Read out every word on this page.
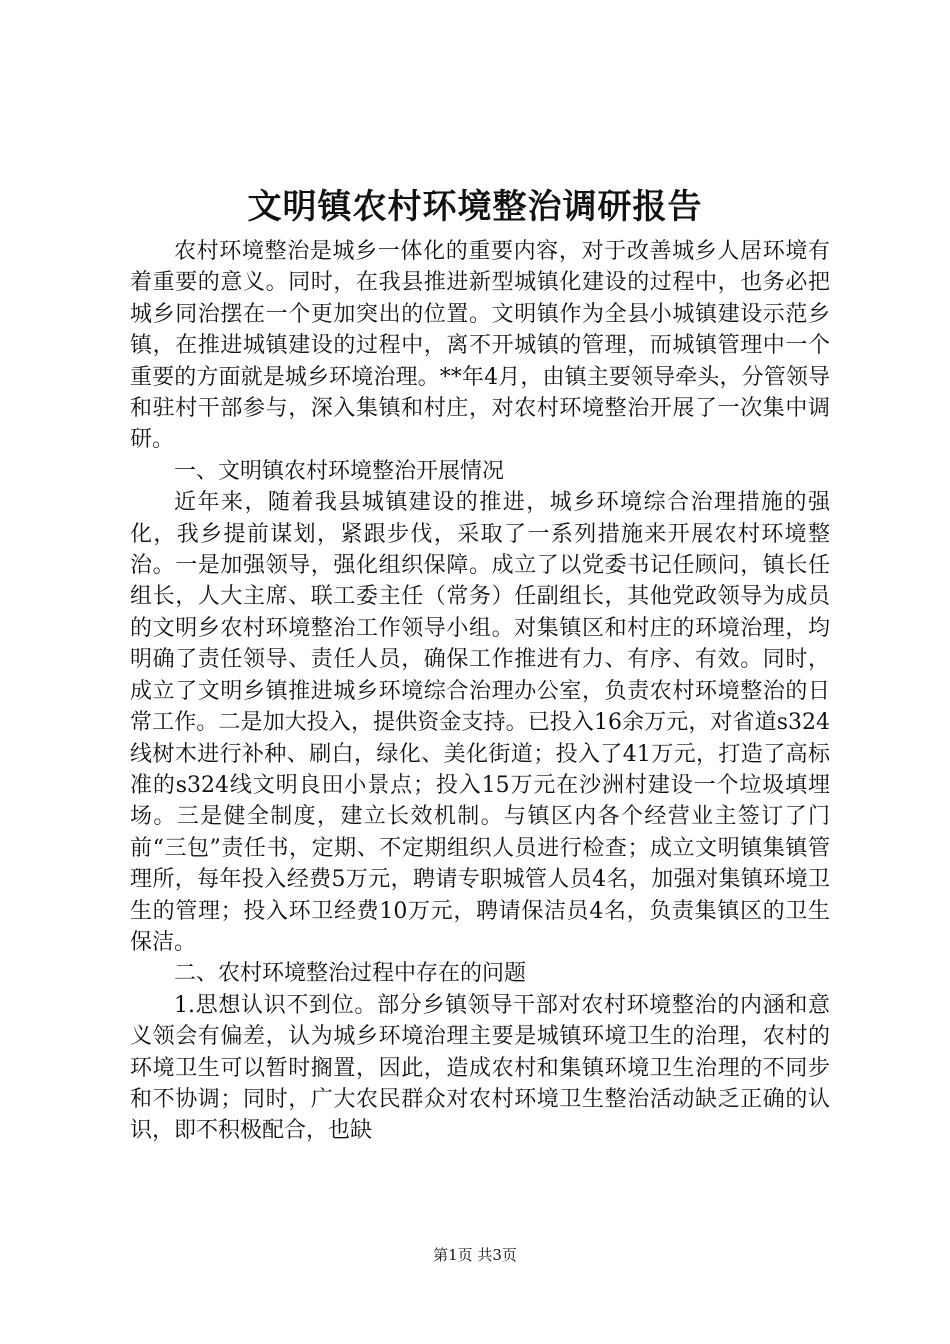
文明镇农村环境整治调研报告

农村环境整治是城乡一体化的重要内容，对于改善城乡人居环境有着重要的意义。同时，在我县推进新型城镇化建设的过程中，也务必把城乡同治摆在一个更加突出的位置。文明镇作为全县小城镇建设示范乡镇，在推进城镇建设的过程中，离不开城镇的管理，而城镇管理中一个重要的方面就是城乡环境治理。**年4月，由镇主要领导牵头，分管领导和驻村干部参与，深入集镇和村庄，对农村环境整治开展了一次集中调研。

一、文明镇农村环境整治开展情况

近年来，随着我县城镇建设的推进，城乡环境综合治理措施的强化，我乡提前谋划，紧跟步伐，采取了一系列措施来开展农村环境整治。一是加强领导，强化组织保障。成立了以党委书记任顾问，镇长任组长，人大主席、联工委主任（常务）任副组长，其他党政领导为成员的文明乡农村环境整治工作领导小组。对集镇区和村庄的环境治理，均明确了责任领导、责任人员，确保工作推进有力、有序、有效。同时，成立了文明乡镇推进城乡环境综合治理办公室，负责农村环境整治的日常工作。二是加大投入，提供资金支持。已投入16余万元，对省道s324线树木进行补种、刷白，绿化、美化街道；投入了41万元，打造了高标准的s324线文明良田小景点；投入15万元在沙洲村建设一个垃圾填埋场。三是健全制度，建立长效机制。与镇区内各个经营业主签订了门前“三包”责任书，定期、不定期组织人员进行检查；成立文明镇集镇管理所，每年投入经费5万元，聘请专职城管人员4名，加强对集镇环境卫生的管理；投入环卫经费10万元，聘请保洁员4名，负责集镇区的卫生保洁。

二、农村环境整治过程中存在的问题

1.思想认识不到位。部分乡镇领导干部对农村环境整治的内涵和意义领会有偏差，认为城乡环境治理主要是城镇环境卫生的治理，农村的环境卫生可以暂时搁置，因此，造成农村和集镇环境卫生治理的不同步和不协调；同时，广大农民群众对农村环境卫生整治活动缺乏正确的认识，即不积极配合，也缺

第1页 共3页
